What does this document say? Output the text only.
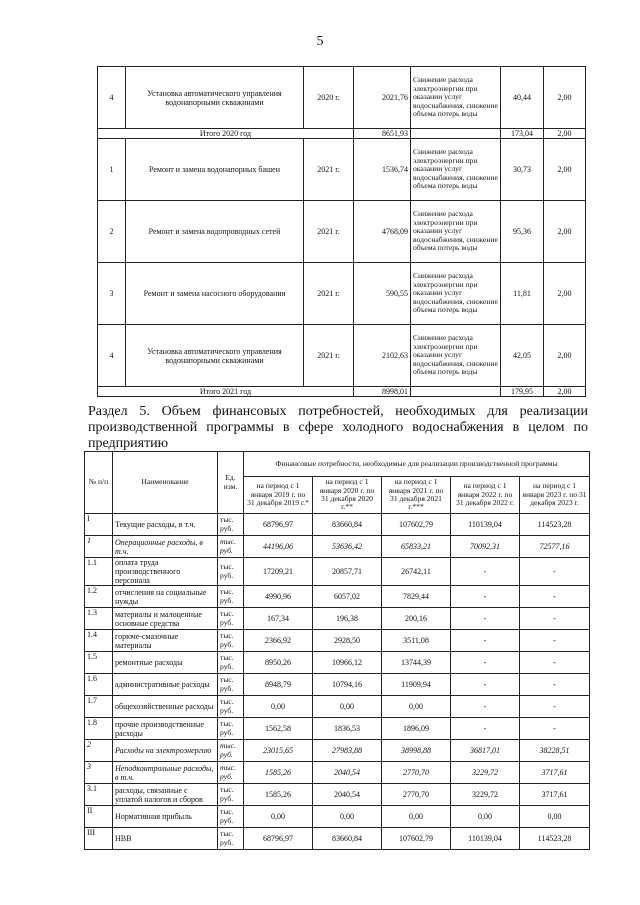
5
4	Установка автоматического управления водонапорными скважинами	2020 г.	2021,76	Снижение расхода электроэнергии при оказании услуг водоснабжения, снижение объема потерь воды	40,44	2,00
Итого 2020 год			8651,93		173,04	2,00
1	Ремонт и замена водонапорных башен	2021 г.	1536,74	Снижение расхода электроэнергии при оказании услуг водоснабжения, снижение объема потерь воды	30,73	2,00
2	Ремонт и замена водопроводных сетей	2021 г.	4768,09	Снижение расхода электроэнергии при оказании услуг водоснабжения, снижение объема потерь воды	95,36	2,00
3	Ремонт и замена насосного оборудования	2021 г.	590,55	Снижение расхода электроэнергии при оказании услуг водоснабжения, снижение объема потерь воды	11,81	2,00
4	Установка автоматического управления водонапорными скважинами	2021 г.	2102,63	Снижение расхода электроэнергии при оказании услуг водоснабжения, снижение объема потерь воды	42,05	2,00
Итого 2021 год			8998,01		179,95	2,00
Раздел 5. Объем финансовых потребностей, необходимых для реализации производственной программы в сфере холодного водоснабжения в целом по предприятию
№ п/п	Наименование	Ед. изм.	Финансовые потребности, необходимые для реализации производственной программы				
			на период с 1 января 2019 г. по 31 декабря 2019 г.*	на период с 1 января 2020 г. по 31 декабря 2020 г.**	на период с 1 января 2021 г. по 31 декабря 2021 г.***	на период с 1 января 2022 г. по 31 декабря 2022 г.	на период с 1 января 2023 г. по 31 декабря 2023 г.
I	Текущие расходы, в т.ч.	тыс. руб.	68796,97	83660,84	107602,79	110139,04	114523,28
1	Операционные расходы, в т.ч.	тыс. руб.	44196,06	53636,42	65833,21	70092,31	72577,16
1.1	оплата труда производственного персонала	тыс. руб.	17209,21	20857,71	26742,11	-	-
1.2	отчисления на социальные нужды	тыс. руб.	4990,96	6057,02	7829,44	-	-
1.3	материалы и малоценные основные средства	тыс. руб.	167,34	196,38	200,16	-	-
1.4	горюче-смазочные материалы	тыс. руб.	2366,92	2928,50	3511,08	-	-
1.5	ремонтные расходы	тыс. руб.	8950,26	10966,12	13744,39	-	-
1.6	административные расходы	тыс. руб.	8948,79	10794,16	11909,94	-	-
1.7	общехозяйственные расходы	тыс. руб.	0,00	0,00	0,00	-	-
1.8	прочие производственные расходы	тыс. руб.	1562,58	1836,53	1896,09	-	-
2	Расходы на электроэнергию	тыс. руб.	23015,65	27983,88	38998,88	36817,01	38228,51
3	Неподконтрольные расходы, в т.ч.	тыс. руб.	1585,26	2040,54	2770,70	3229,72	3717,61
3.1	расходы, связанные с уплатой налогов и сборов	тыс. руб.	1585,26	2040,54	2770,70	3229,72	3717,61
II	Нормативная прибыль	тыс. руб.	0,00	0,00	0,00	0,00	0,00
III	НВВ	тыс. руб.	68796,97	83660,84	107602,79	110139,04	114523,28
